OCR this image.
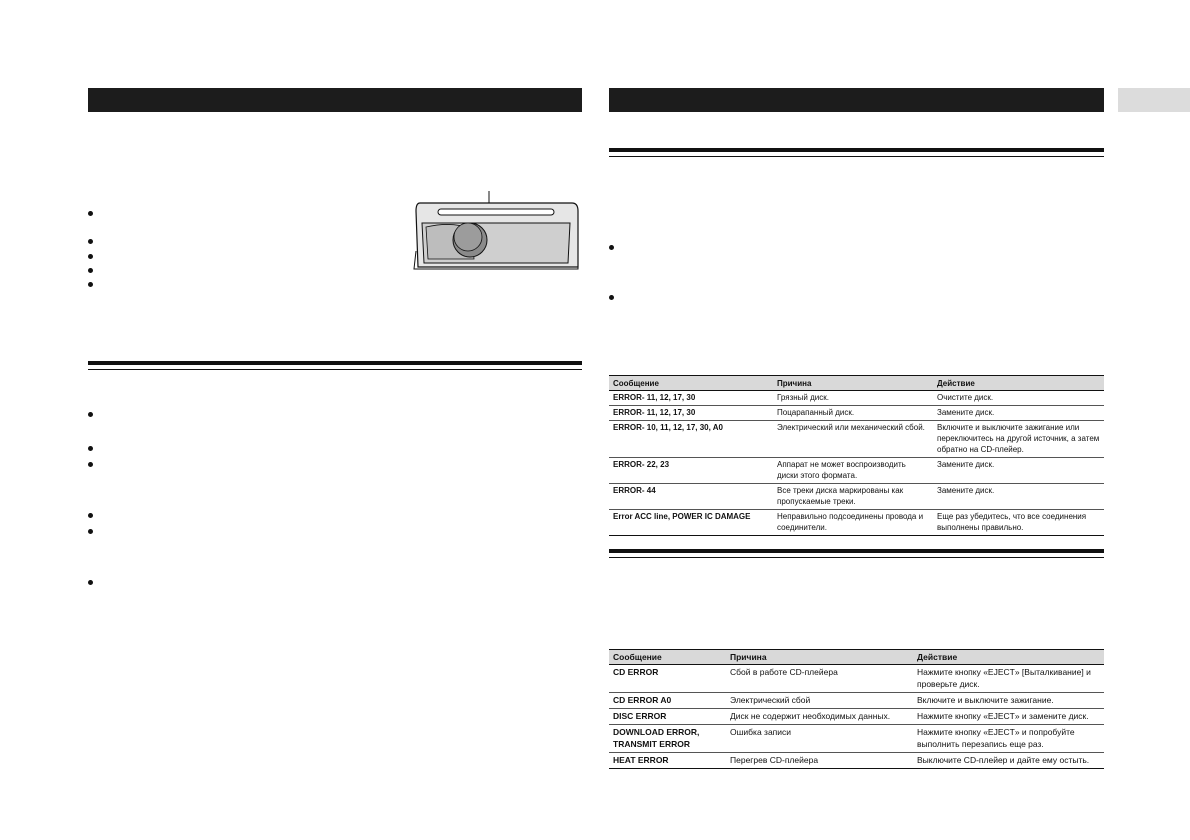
Сообщение	Причина	Действие
ERROR- 11, 12, 17, 30	Грязный диск.	Очистите диск.
ERROR- 11, 12, 17, 30	Поцарапанный диск.	Замените диск.
ERROR- 10, 11, 12, 17, 30, A0	Электрический или механический сбой.	Включите и выключите зажигание или переключитесь на другой источник, а затем обратно на CD-плейер.
ERROR- 22, 23	Аппарат не может воспроизводить диски этого формата.	Замените диск.
ERROR- 44	Все треки диска маркированы как пропускаемые треки.	Замените диск.
Error ACC line, POWER IC DAMAGE	Неправильно подсоединены провода и соединители.	Еще раз убедитесь, что все соединения выполнены правильно.
Сообщение	Причина	Действие
CD ERROR	Сбой в работе CD-плейера	Нажмите кнопку «EJECT» [Выталкивание] и проверьте диск.
CD ERROR A0	Электрический сбой	Включите и выключите зажигание.
DISC ERROR	Диск не содержит необходимых данных.	Нажмите кнопку «EJECT» и замените диск.
DOWNLOAD ERROR, TRANSMIT ERROR	Ошибка записи	Нажмите кнопку «EJECT» и попробуйте выполнить перезапись еще раз.
HEAT ERROR	Перегрев CD-плейера	Выключите CD-плейер и дайте ему остыть.
